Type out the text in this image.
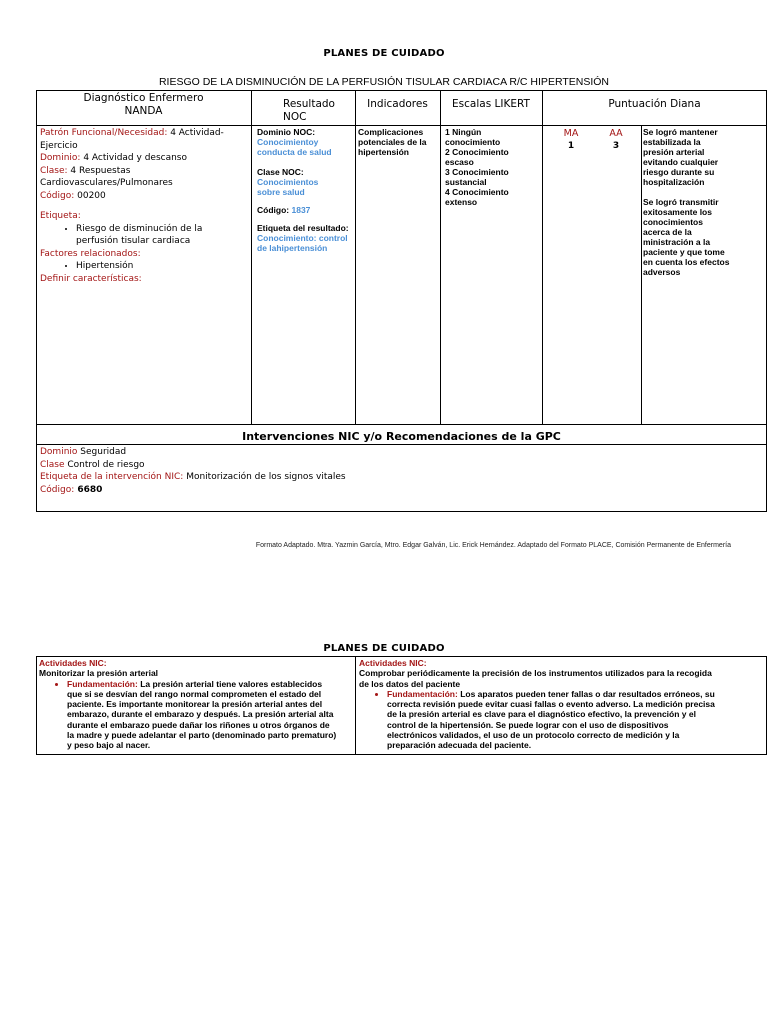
PLANES DE CUIDADO
RIESGO DE LA DISMINUCIÓN DE LA PERFUSIÓN TISULAR CARDIACA R/C HIPERTENSIÓN
Diagnóstico Enfermero
NANDA
Resultado
NOC
Indicadores	Escalas LIKERT	Puntuación Diana
Patrón Funcional/Necesidad: 4 Actividad-
Ejercicio
Dominio: 4 Actividad y descanso
Clase: 4 Respuestas
Cardiovasculares/Pulmonares
Código: 00200
Etiqueta:
• Riesgo de disminución de la
perfusión tisular cardiaca
Factores relacionados:
• Hipertensión
Definir características:
Dominio NOC:
Conocimientoy
conducta de salud
Clase NOC:
Conocimientos
sobre salud
Código: 1837
Etiqueta del resultado:
Conocimiento: control
de lahipertensión
Complicaciones
potenciales de la
hipertensión
1 Ningún
conocimiento
2 Conocimiento
escaso
3 Conocimiento
sustancial
4 Conocimiento
extenso
MA
1
AA
3
Se logró mantener
estabilizada la
presión arterial
evitando cualquier
riesgo durante su
hospitalización
Se logró transmitir
exitosamente los
conocimientos
acerca de la
ministración a la
paciente y que tome
en cuenta los efectos
adversos
Intervenciones NIC y/o Recomendaciones de la GPC
Dominio Seguridad
Clase Control de riesgo
Etiqueta de la intervención NIC: Monitorización de los signos vitales
Código: 6680
Formato Adaptado. Mtra. Yazmin García, Mtro. Edgar Galván, Lic. Erick Hernández. Adaptado del Formato PLACE, Comisión Permanente de Enfermería
PLANES DE CUIDADO
Actividades NIC:
Monitorizar la presión arterial
• Fundamentación: La presión arterial tiene valores establecidos
que si se desvían del rango normal comprometen el estado del
paciente. Es importante monitorear la presión arterial antes del
embarazo, durante el embarazo y después. La presión arterial alta
durante el embarazo puede dañar los riñones u otros órganos de
la madre y puede adelantar el parto (denominado parto prematuro)
y peso bajo al nacer.
Actividades NIC:
Comprobar periódicamente la precisión de los instrumentos utilizados para la recogida
de los datos del paciente
• Fundamentación: Los aparatos pueden tener fallas o dar resultados erróneos, su
correcta revisión puede evitar cuasi fallas o evento adverso. La medición precisa
de la presión arterial es clave para el diagnóstico efectivo, la prevención y el
control de la hipertensión. Se puede lograr con el uso de dispositivos
electrónicos validados, el uso de un protocolo correcto de medición y la
preparación adecuada del paciente.
